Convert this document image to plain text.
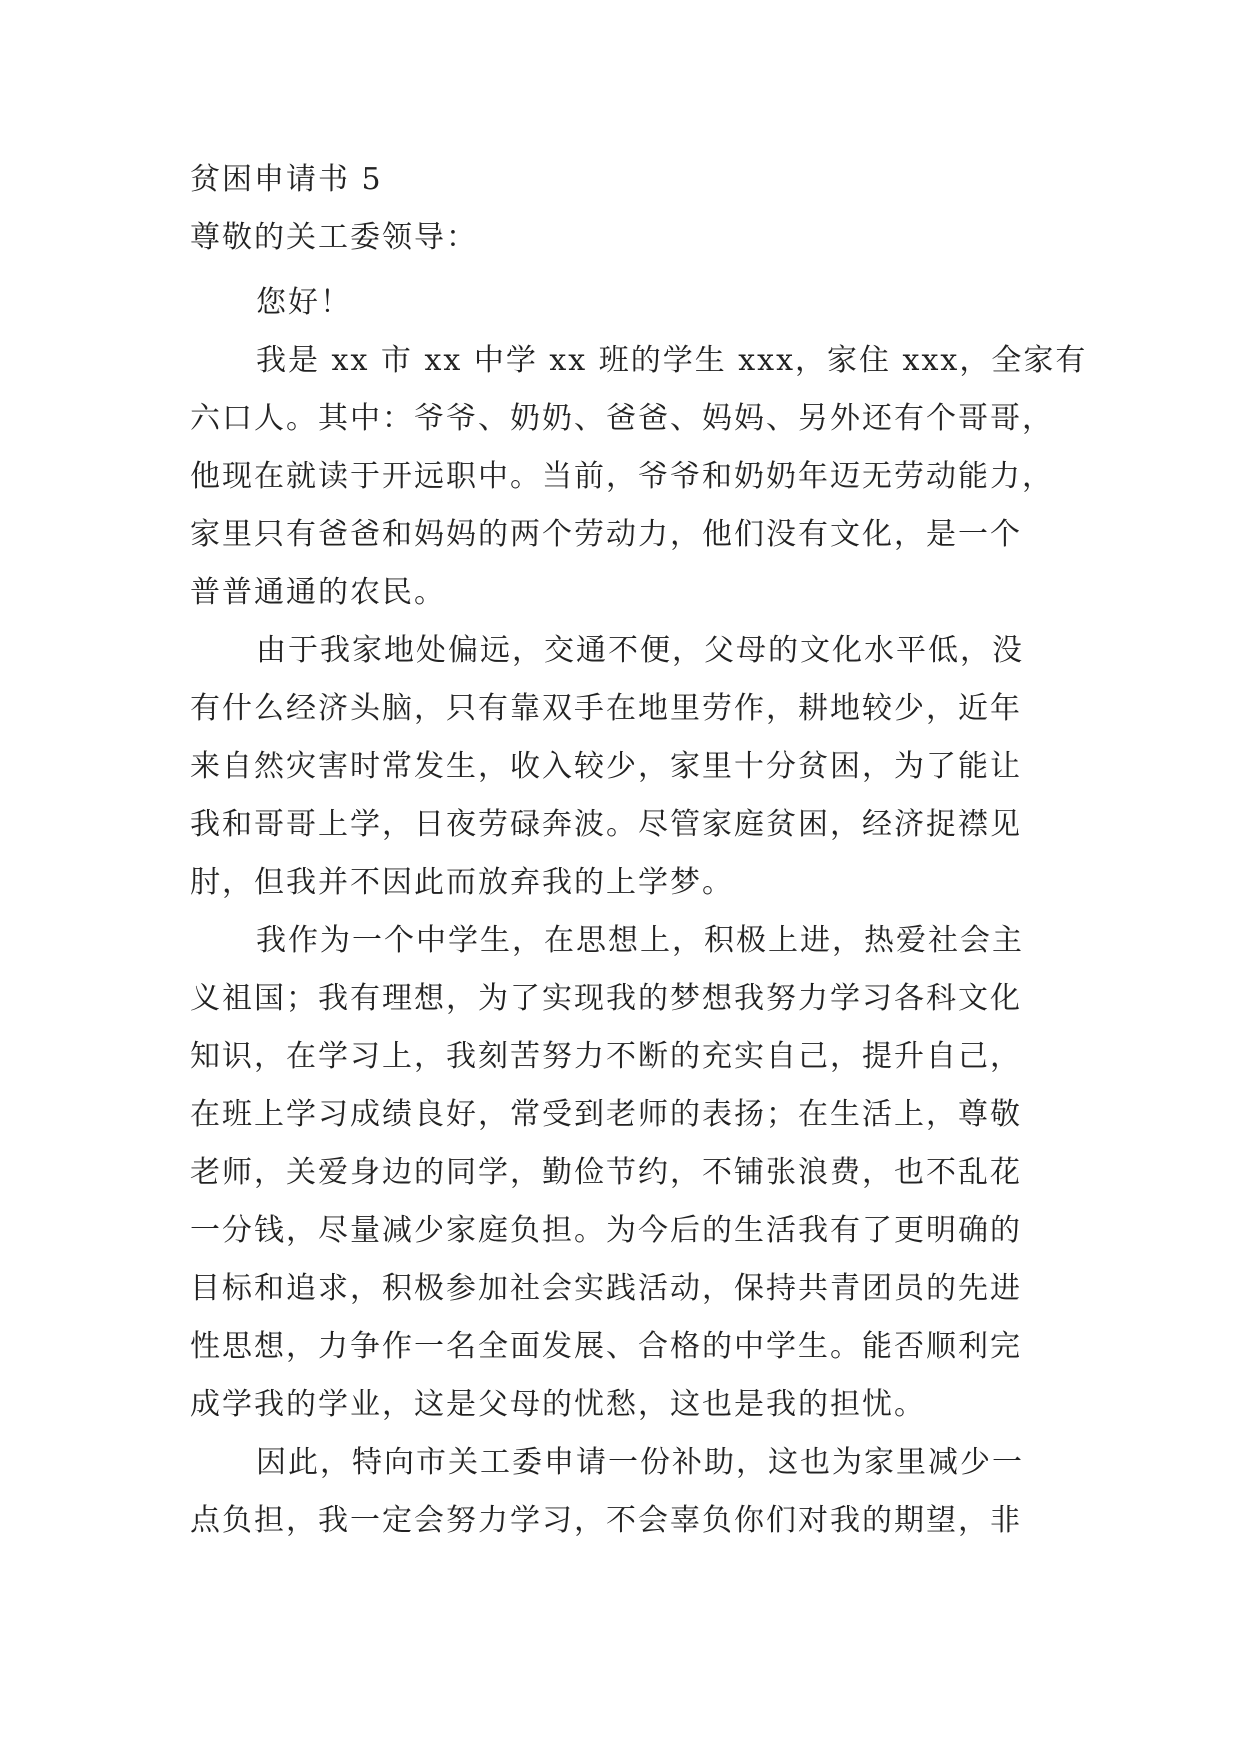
贫困申请书 5
尊敬的关工委领导：
您好！
我是 xx 市 xx 中学 xx 班的学生 xxx，家住 xxx，全家有
六口人。其中：爷爷、奶奶、爸爸、妈妈、另外还有个哥哥，
他现在就读于开远职中。当前，爷爷和奶奶年迈无劳动能力，
家里只有爸爸和妈妈的两个劳动力，他们没有文化，是一个
普普通通的农民。
由于我家地处偏远，交通不便，父母的文化水平低，没
有什么经济头脑，只有靠双手在地里劳作，耕地较少，近年
来自然灾害时常发生，收入较少，家里十分贫困，为了能让
我和哥哥上学，日夜劳碌奔波。尽管家庭贫困，经济捉襟见
肘，但我并不因此而放弃我的上学梦。
我作为一个中学生，在思想上，积极上进，热爱社会主
义祖国；我有理想，为了实现我的梦想我努力学习各科文化
知识，在学习上，我刻苦努力不断的充实自己，提升自己，
在班上学习成绩良好，常受到老师的表扬；在生活上，尊敬
老师，关爱身边的同学，勤俭节约，不铺张浪费，也不乱花
一分钱，尽量减少家庭负担。为今后的生活我有了更明确的
目标和追求，积极参加社会实践活动，保持共青团员的先进
性思想，力争作一名全面发展、合格的中学生。能否顺利完
成学我的学业，这是父母的忧愁，这也是我的担忧。
因此，特向市关工委申请一份补助，这也为家里减少一
点负担，我一定会努力学习，不会辜负你们对我的期望，非
